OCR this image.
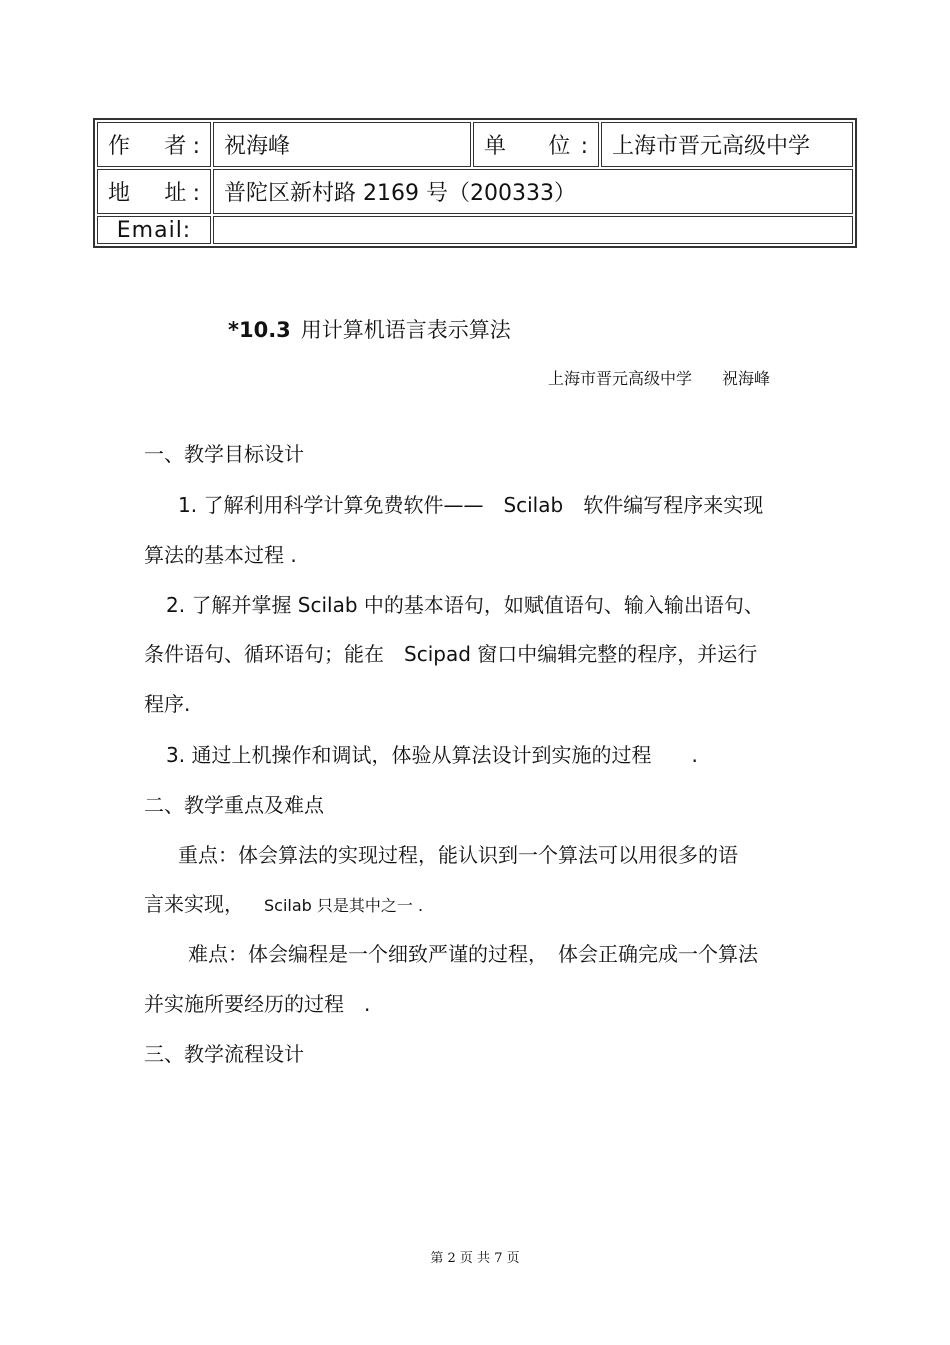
作　者:	祝海峰	单　位:	上海市晋元高级中学
地　址:	普陀区新村路 2169 号（200333）		
Email:			
*10.3 用计算机语言表示算法
上海市晋元高级中学 祝海峰
一、教学目标设计
1. 了解利用科学计算免费软件——　Scilab　软件编写程序来实现
算法的基本过程 .
2. 了解并掌握 Scilab 中的基本语句，如赋值语句、输入输出语句、
条件语句、循环语句；能在　Scipad 窗口中编辑完整的程序，并运行
程序.
3. 通过上机操作和调试，体验从算法设计到实施的过程　　.
二、教学重点及难点
重点：体会算法的实现过程，能认识到一个算法可以用很多的语
言来实现， Scilab 只是其中之一 .
难点：体会编程是一个细致严谨的过程，　体会正确完成一个算法
并实施所要经历的过程　.
三、教学流程设计
第 2 页 共 7 页
